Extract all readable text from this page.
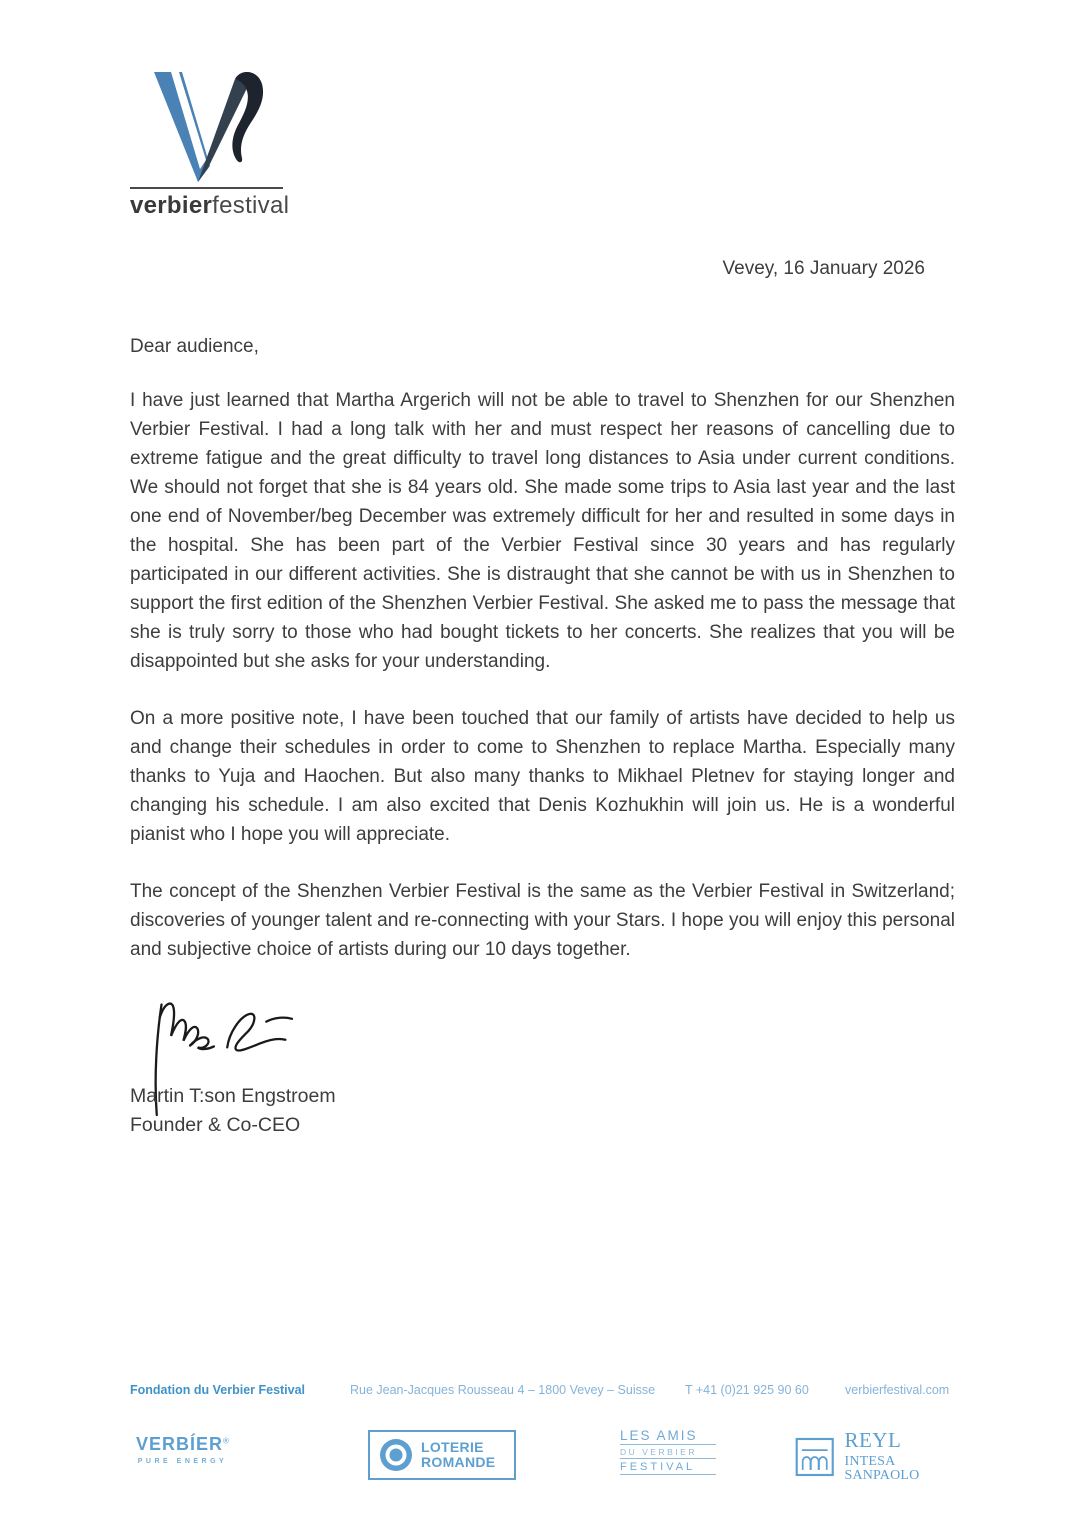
verbierfestival
Vevey, 16 January 2026
Dear audience,

I have just learned that Martha Argerich will not be able to travel to Shenzhen for our Shenzhen Verbier Festival. I had a long talk with her and must respect her reasons of cancelling due to extreme fatigue and the great difficulty to travel long distances to Asia under current conditions. We should not forget that she is 84 years old. She made some trips to Asia last year and the last one end of November/beg December was extremely difficult for her and resulted in some days in the hospital. She has been part of the Verbier Festival since 30 years and has regularly participated in our different activities. She is distraught that she cannot be with us in Shenzhen to support the first edition of the Shenzhen Verbier Festival. She asked me to pass the message that she is truly sorry to those who had bought tickets to her concerts. She realizes that you will be disappointed but she asks for your understanding.

On a more positive note, I have been touched that our family of artists have decided to help us and change their schedules in order to come to Shenzhen to replace Martha. Especially many thanks to Yuja and Haochen. But also many thanks to Mikhael Pletnev for staying longer and changing his schedule. I am also excited that Denis Kozhukhin will join us. He is a wonderful pianist who I hope you will appreciate.

The concept of the Shenzhen Verbier Festival is the same as the Verbier Festival in Switzerland; discoveries of younger talent and re-connecting with your Stars. I hope you will enjoy this personal and subjective choice of artists during our 10 days together.

Martin T:son Engstroem
Founder & Co-CEO
Fondation du Verbier Festival	Rue Jean-Jacques Rousseau 4 – 1800 Vevey – Suisse	T +41 (0)21 925 90 60	verbierfestival.com
VERBÍER®
PURE ENERGY
LOTERIE
ROMANDE
LES AMIS
DU VERBIER
FESTIVAL
REYL
INTESA SANPAOLO
